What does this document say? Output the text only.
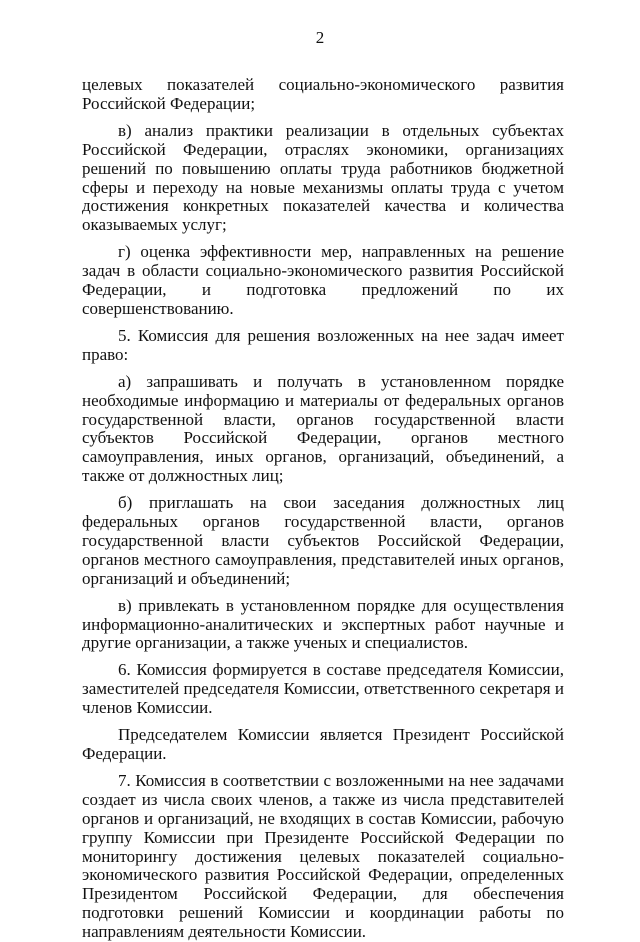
2

целевых показателей социально-экономического развития Российской Федерации;

в) анализ практики реализации в отдельных субъектах Российской Федерации, отраслях экономики, организациях решений по повышению оплаты труда работников бюджетной сферы и переходу на новые механизмы оплаты труда с учетом достижения конкретных показателей качества и количества оказываемых услуг;

г) оценка эффективности мер, направленных на решение задач в области социально-экономического развития Российской Федерации, и подготовка предложений по их совершенствованию.

5. Комиссия для решения возложенных на нее задач имеет право:

а) запрашивать и получать в установленном порядке необходимые информацию и материалы от федеральных органов государственной власти, органов государственной власти субъектов Российской Федерации, органов местного самоуправления, иных органов, организаций, объединений, а также от должностных лиц;

б) приглашать на свои заседания должностных лиц федеральных органов государственной власти, органов государственной власти субъектов Российской Федерации, органов местного самоуправления, представителей иных органов, организаций и объединений;

в) привлекать в установленном порядке для осуществления информационно-аналитических и экспертных работ научные и другие организации, а также ученых и специалистов.

6. Комиссия формируется в составе председателя Комиссии, заместителей председателя Комиссии, ответственного секретаря и членов Комиссии.

Председателем Комиссии является Президент Российской Федерации.

7. Комиссия в соответствии с возложенными на нее задачами создает из числа своих членов, а также из числа представителей органов и организаций, не входящих в состав Комиссии, рабочую группу Комиссии при Президенте Российской Федерации по мониторингу достижения целевых показателей социально-экономического развития Российской Федерации, определенных Президентом Российской Федерации, для обеспечения подготовки решений Комиссии и координации работы по направлениям деятельности Комиссии.
